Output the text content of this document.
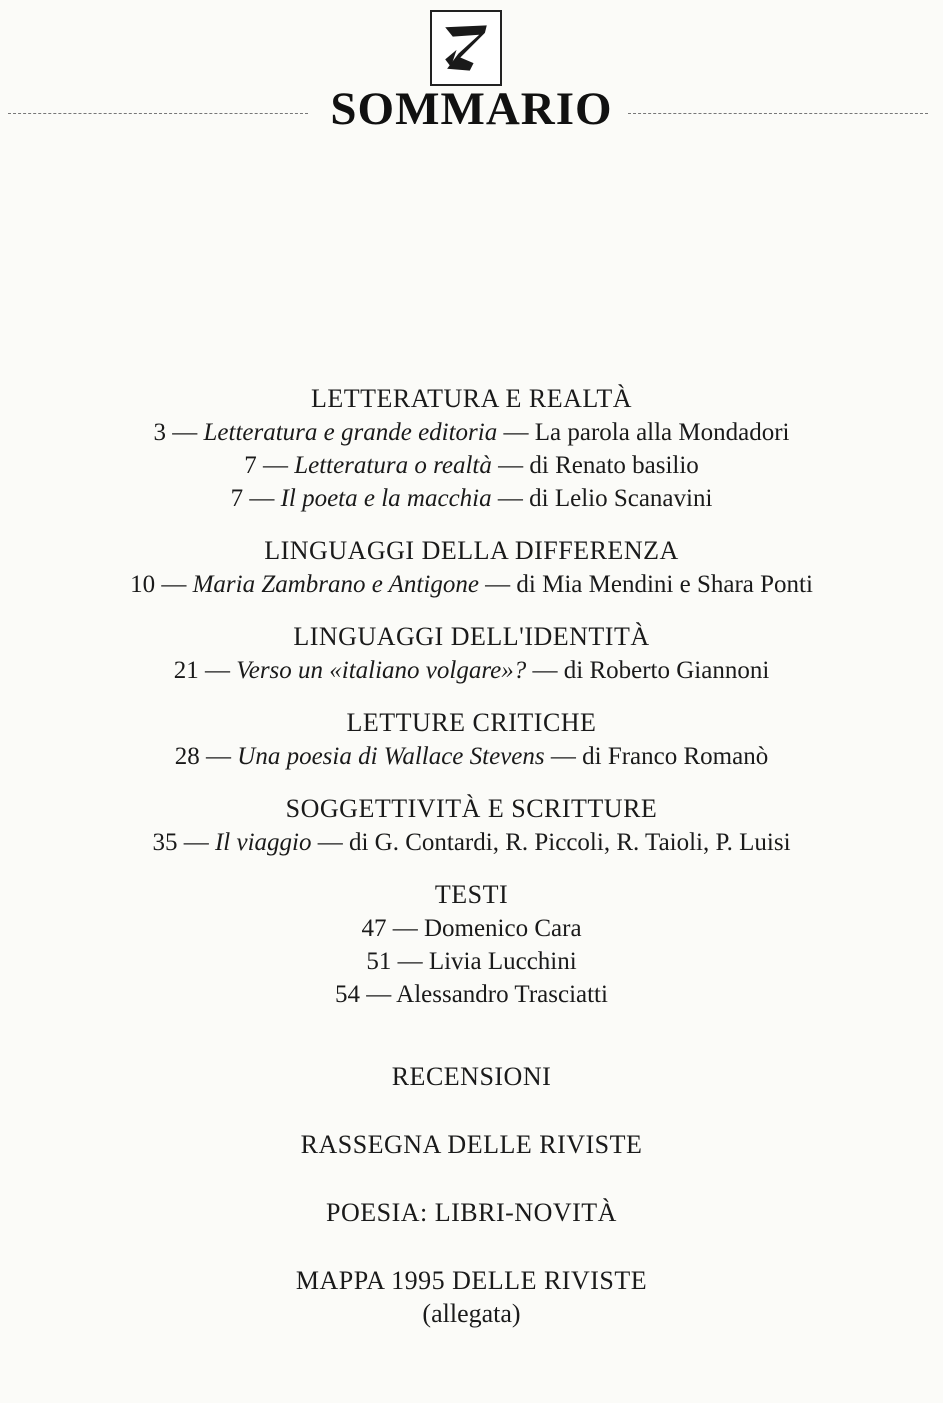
SOMMARIO
LETTERATURA E REALTÀ
3 — Letteratura e grande editoria — La parola alla Mondadori
7 — Letteratura o realtà — di Renato basilio
7 — Il poeta e la macchia — di Lelio Scanavini
LINGUAGGI DELLA DIFFERENZA
10 — Maria Zambrano e Antigone — di Mia Mendini e Shara Ponti
LINGUAGGI DELL'IDENTITÀ
21 — Verso un «italiano volgare»? — di Roberto Giannoni
LETTURE CRITICHE
28 — Una poesia di Wallace Stevens — di Franco Romanò
SOGGETTIVITÀ E SCRITTURE
35 — Il viaggio — di G. Contardi, R. Piccoli, R. Taioli, P. Luisi
TESTI
47 — Domenico Cara
51 — Livia Lucchini
54 — Alessandro Trasciatti
RECENSIONI
RASSEGNA DELLE RIVISTE
POESIA: LIBRI-NOVITÀ
MAPPA 1995 DELLE RIVISTE
(allegata)
